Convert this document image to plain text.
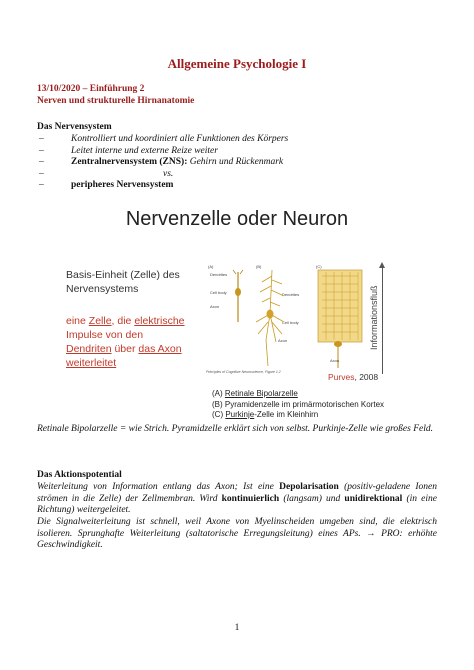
Allgemeine Psychologie I
13/10/2020 – Einführung 2
Nerven und strukturelle Hirnanatomie
Das Nervensystem
–	Kontrolliert und koordiniert alle Funktionen des Körpers
–	Leitet interne und externe Reize weiter
–	Zentralnervensystem (ZNS): Gehirn und Rückenmark
–	vs.
–	peripheres Nervensystem
Nervenzelle oder Neuron
Basis-Einheit (Zelle) des
Nervensystems
eine Zelle, die elektrische
Impulse von den
Dendriten über das Axon
weiterleitet
(A)	(B)	(C)
Dendrites
Cell body
Axon
Dendrites
Cell body
Axon
Axon
Principles of Cognitive Neuroscience, Figure 1.2
Informationsfluß
Purves, 2008
(A) Retinale Bipolarzelle
(B) Pyramidenzelle im primärmotorischen Kortex
(C) Purkinje-Zelle im Kleinhirn
Retinale Bipolarzelle = wie Strich. Pyramidzelle erklärt sich von selbst. Purkinje-Zelle wie großes Feld.
Das Aktionspotential
Weiterleitung von Information entlang das Axon; Ist eine Depolarisation (positiv-geladene Ionen strömen in die Zelle) der Zellmembran. Wird kontinuierlich (langsam) und unidirektional (in eine Richtung) weitergeleitet.
Die Signalweiterleitung ist schnell, weil Axone von Myelinscheiden umgeben sind, die elektrisch isolieren. Sprunghafte Weiterleitung (saltatorische Erregungsleitung) eines APs. → PRO: erhöhte Geschwindigkeit.
1
